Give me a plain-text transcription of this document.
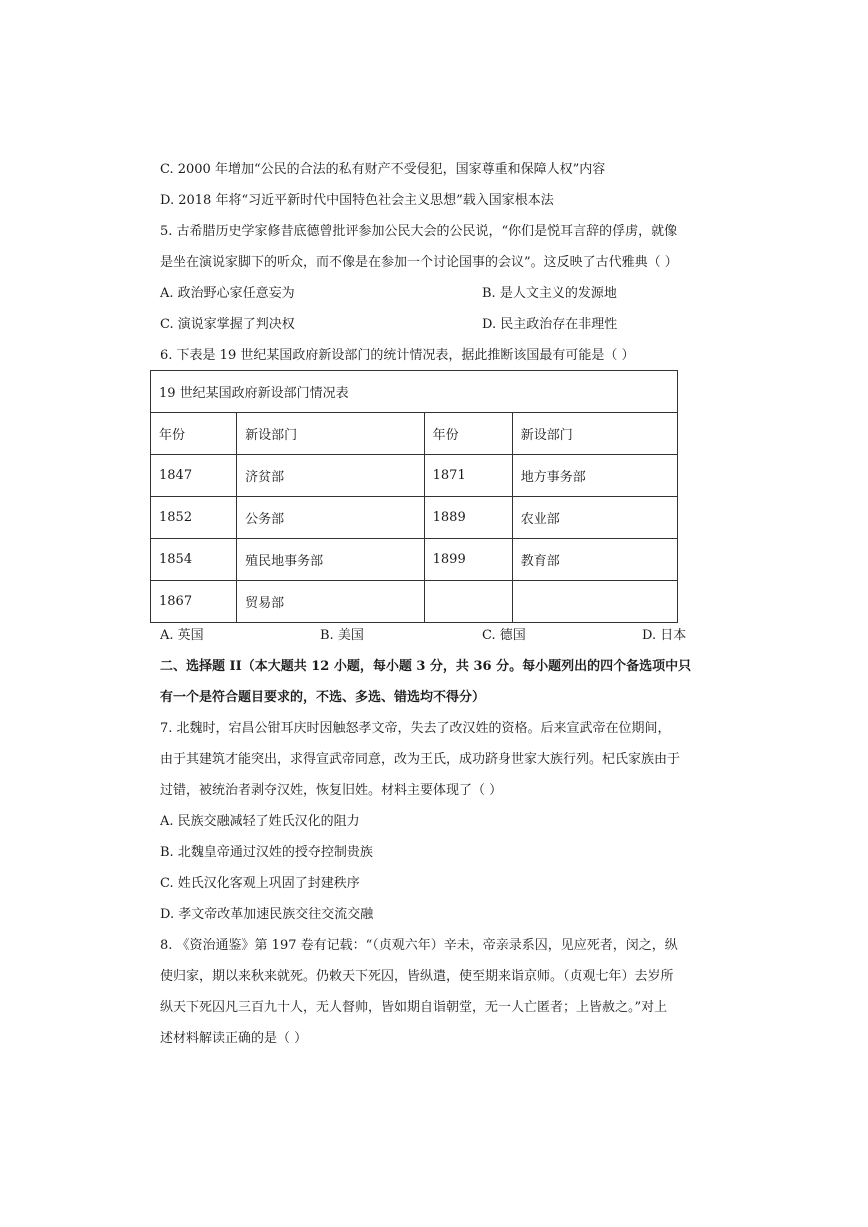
C. 2000 年增加“公民的合法的私有财产不受侵犯，国家尊重和保障人权”内容
D. 2018 年将“习近平新时代中国特色社会主义思想”载入国家根本法
5. 古希腊历史学家修昔底德曾批评参加公民大会的公民说，“你们是悦耳言辞的俘虏，就像
是坐在演说家脚下的听众，而不像是在参加一个讨论国事的会议”。这反映了古代雅典（ ）
A. 政治野心家任意妄为	B. 是人文主义的发源地
C. 演说家掌握了判决权	D. 民主政治存在非理性
6. 下表是 19 世纪某国政府新设部门的统计情况表，据此推断该国最有可能是（ ）
19 世纪某国政府新设部门情况表			
年份	新设部门	年份	新设部门
1847	济贫部	1871	地方事务部
1852	公务部	1889	农业部
1854	殖民地事务部	1899	教育部
1867	贸易部		
A. 英国	B. 美国	C. 德国	D. 日本
二、选择题 II（本大题共 12 小题，每小题 3 分，共 36 分。每小题列出的四个备选项中只
有一个是符合题目要求的，不选、多选、错选均不得分）
7. 北魏时，宕昌公钳耳庆时因触怒孝文帝，失去了改汉姓的资格。后来宣武帝在位期间，
由于其建筑才能突出，求得宣武帝同意，改为王氏，成功跻身世家大族行列。杞氏家族由于
过错，被统治者剥夺汉姓，恢复旧姓。材料主要体现了（ ）
A. 民族交融减轻了姓氏汉化的阻力
B. 北魏皇帝通过汉姓的授夺控制贵族
C. 姓氏汉化客观上巩固了封建秩序
D. 孝文帝改革加速民族交往交流交融
8. 《资治通鉴》第 197 卷有记载：“（贞观六年）辛未，帝亲录系囚，见应死者，闵之，纵
使归家，期以来秋来就死。仍敕天下死囚，皆纵遣，使至期来诣京师。（贞观七年）去岁所
纵天下死囚凡三百九十人，无人督帅，皆如期自诣朝堂，无一人亡匿者；上皆赦之。”对上
述材料解读正确的是（ ）
